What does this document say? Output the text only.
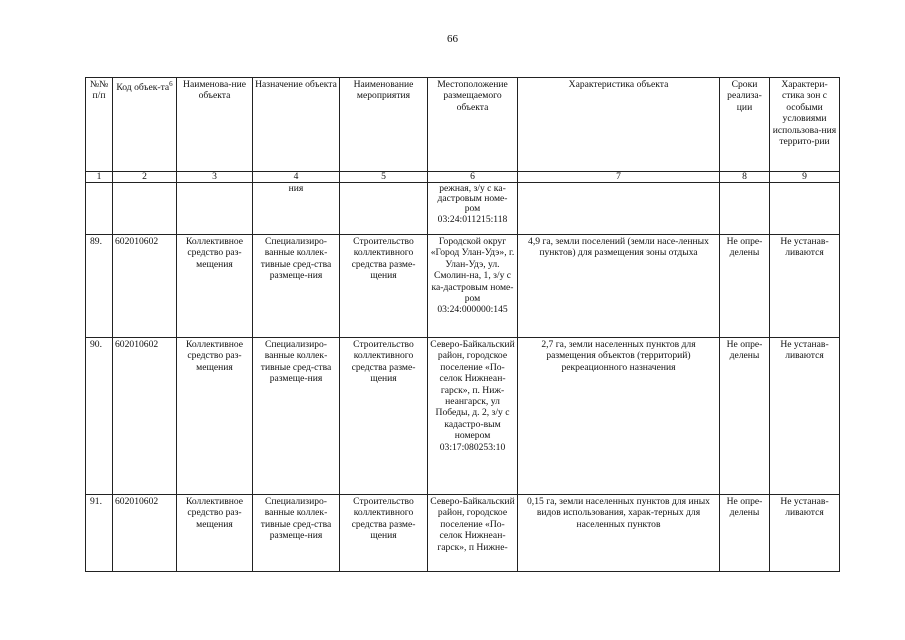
66
№№ п/п	Код объек-$та^6$	Наименова-ние объекта	Назначение объекта	Наименование мероприятия	Местоположение размещаемого объекта	Характеристика объекта	Сроки реализа-ции	Характери-стика зон с особыми условиями использова-ния террито-рии
1	2	3	4	5	6	7	8	9
			ния		режная, з/у с ка-дастровым номе-ром 03:24:011215:118			
89.	602010602	Коллективное средство раз-мещения	Специализиро-ванные коллек-тивные сред-ства размеще-ния	Строительство коллективного средства разме-щения	Городской округ «Город Улан-Удэ», г. Улан-Удэ, ул. Смолин-на, 1, з/у с ка-дастровым номе-ром 03:24:000000:145	4,9 га, земли поселений (земли насе-ленных пунктов) для размещения зоны отдыха	Не опре-делены	Не устанав-ливаются
90.	602010602	Коллективное средство раз-мещения	Специализиро-ванные коллек-тивные сред-ства размеще-ния	Строительство коллективного средства разме-щения	Северо-Байкальский район, городское поселение «По-селок Нижнеан-гарск», п. Ниж-неангарск, ул Победы, д. 2, з/у с кадастро-вым номером 03:17:080253:10	2,7 га, земли населенных пунктов для размещения объектов (территорий) рекреационного назначения	Не опре-делены	Не устанав-ливаются
91.	602010602	Коллективное средство раз-мещения	Специализиро-ванные коллек-тивные сред-ства размеще-ния	Строительство коллективного средства разме-щения	Северо-Байкальский район, городское поселение «По-селок Нижнеан-гарск», п Нижне-	0,15 га, земли населенных пунктов для иных видов использования, харак-терных для населенных пунктов	Не опре-делены	Не устанав-ливаются
